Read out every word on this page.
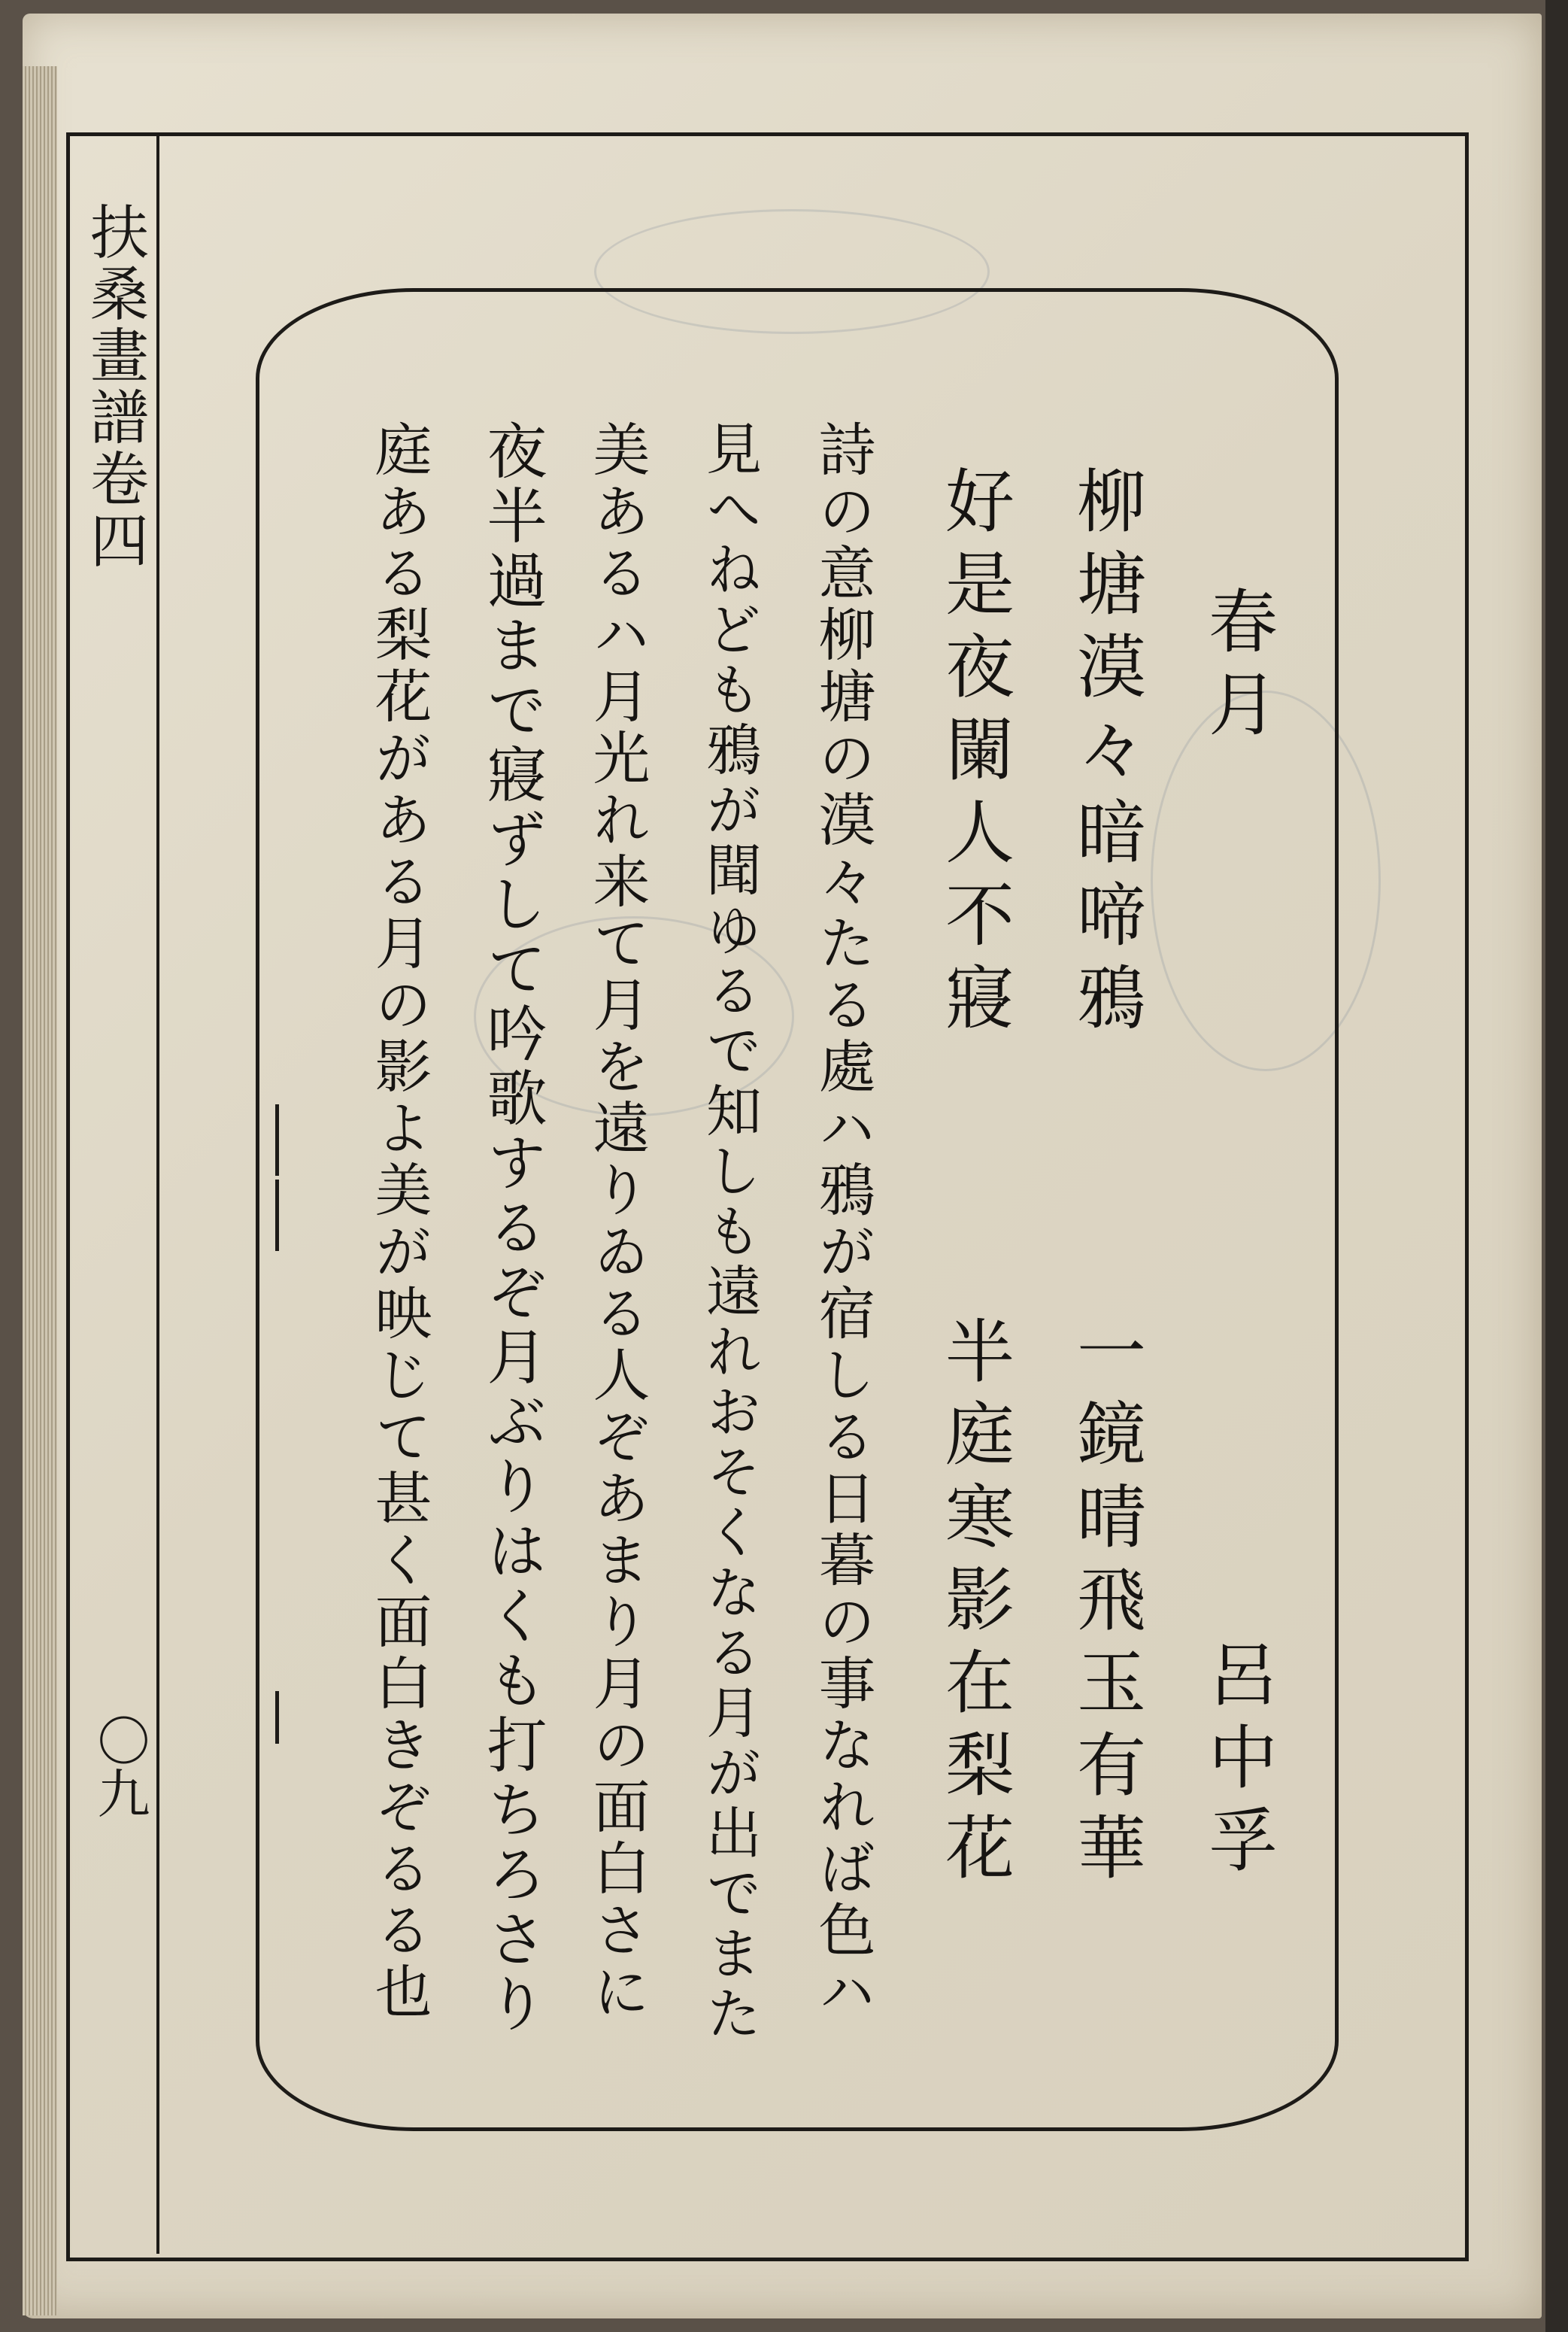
扶桑畫譜卷四
〇九
春月
呂中孚
柳塘漠々暗啼鴉
一鏡晴飛玉有華
好是夜闌人不寢
半庭寒影在梨花
詩の意柳塘の漠々たる處ハ鴉が宿しる日暮の事なれば色ハ
見へねども鴉が聞ゆるで知しも遠れおそくなる月が出でまた
美あるハ月光れ来て月を遠りゐる人ぞあまり月の面白さに
夜半過まで寢ずして吟歌するぞ月ぶりはくも打ちろさり
庭ある梨花がある月の影よ美が映じて甚く面白きぞるる也
